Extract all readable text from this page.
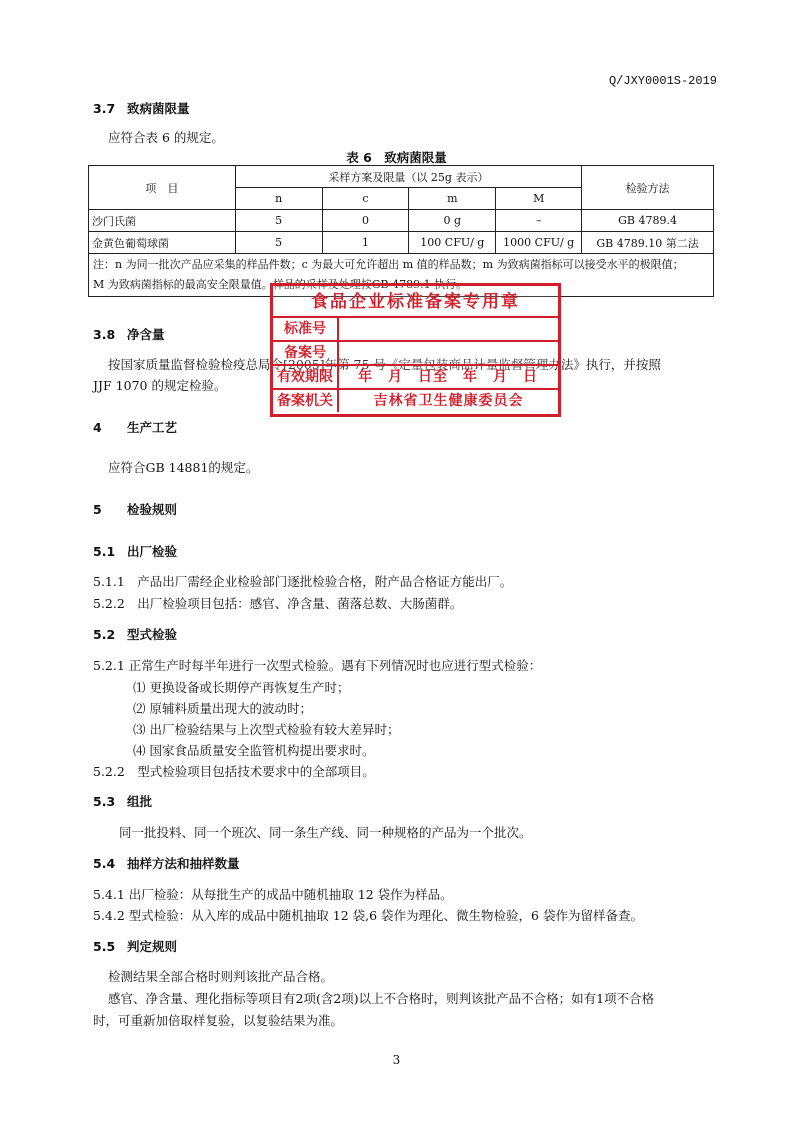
Q/JXY0001S-2019
3.7 致病菌限量
应符合表 6 的规定。
表 6　致病菌限量
项　目	采样方案及限量（以 25g 表示）				检验方法
	n	c	m	M	
沙门氏菌	5	0	0 g	–	GB 4789.4
金黄色葡萄球菌	5	1	100 CFU/ g	1000 CFU/ g	GB 4789.10 第二法

注：n 为同一批次产品应采集的样品件数；c 为最大可允许超出 m 值的样品数；m 为致病菌指标可以接受水平的极限值；
M 为致病菌指标的最高安全限量值。样品的采样及处理按GB 4789.1 执行。					
3.8 净含量
按国家质量监督检验检疫总局令[2005]年第 75 号《定量包装商品计量监督管理办法》执行，并按照
JJF 1070 的规定检验。
食品企业标准备案专用章
标准号
备案号
有效期限 　年　月　日至　年　月　日
备案机关	吉林省卫生健康委员会
4 生产工艺
应符合GB 14881的规定。
5 检验规则
5.1 出厂检验
5.1.1　产品出厂需经企业检验部门逐批检验合格，附产品合格证方能出厂。
5.2.2　出厂检验项目包括：感官、净含量、菌落总数、大肠菌群。
5.2 型式检验
5.2.1 正常生产时每半年进行一次型式检验。遇有下列情况时也应进行型式检验：
⑴ 更换设备或长期停产再恢复生产时；
⑵ 原辅料质量出现大的波动时；
⑶ 出厂检验结果与上次型式检验有较大差异时；
⑷ 国家食品质量安全监管机构提出要求时。
5.2.2　型式检验项目包括技术要求中的全部项目。
5.3 组批
同一批投料、同一个班次、同一条生产线、同一种规格的产品为一个批次。
5.4 抽样方法和抽样数量
5.4.1 出厂检验：从每批生产的成品中随机抽取 12 袋作为样品。
5.4.2 型式检验：从入库的成品中随机抽取 12 袋,6 袋作为理化、微生物检验，6 袋作为留样备查。
5.5 判定规则
检测结果全部合格时则判该批产品合格。
感官、净含量、理化指标等项目有2项(含2项)以上不合格时，则判该批产品不合格；如有1项不合格
时，可重新加倍取样复验，以复验结果为准。
3
